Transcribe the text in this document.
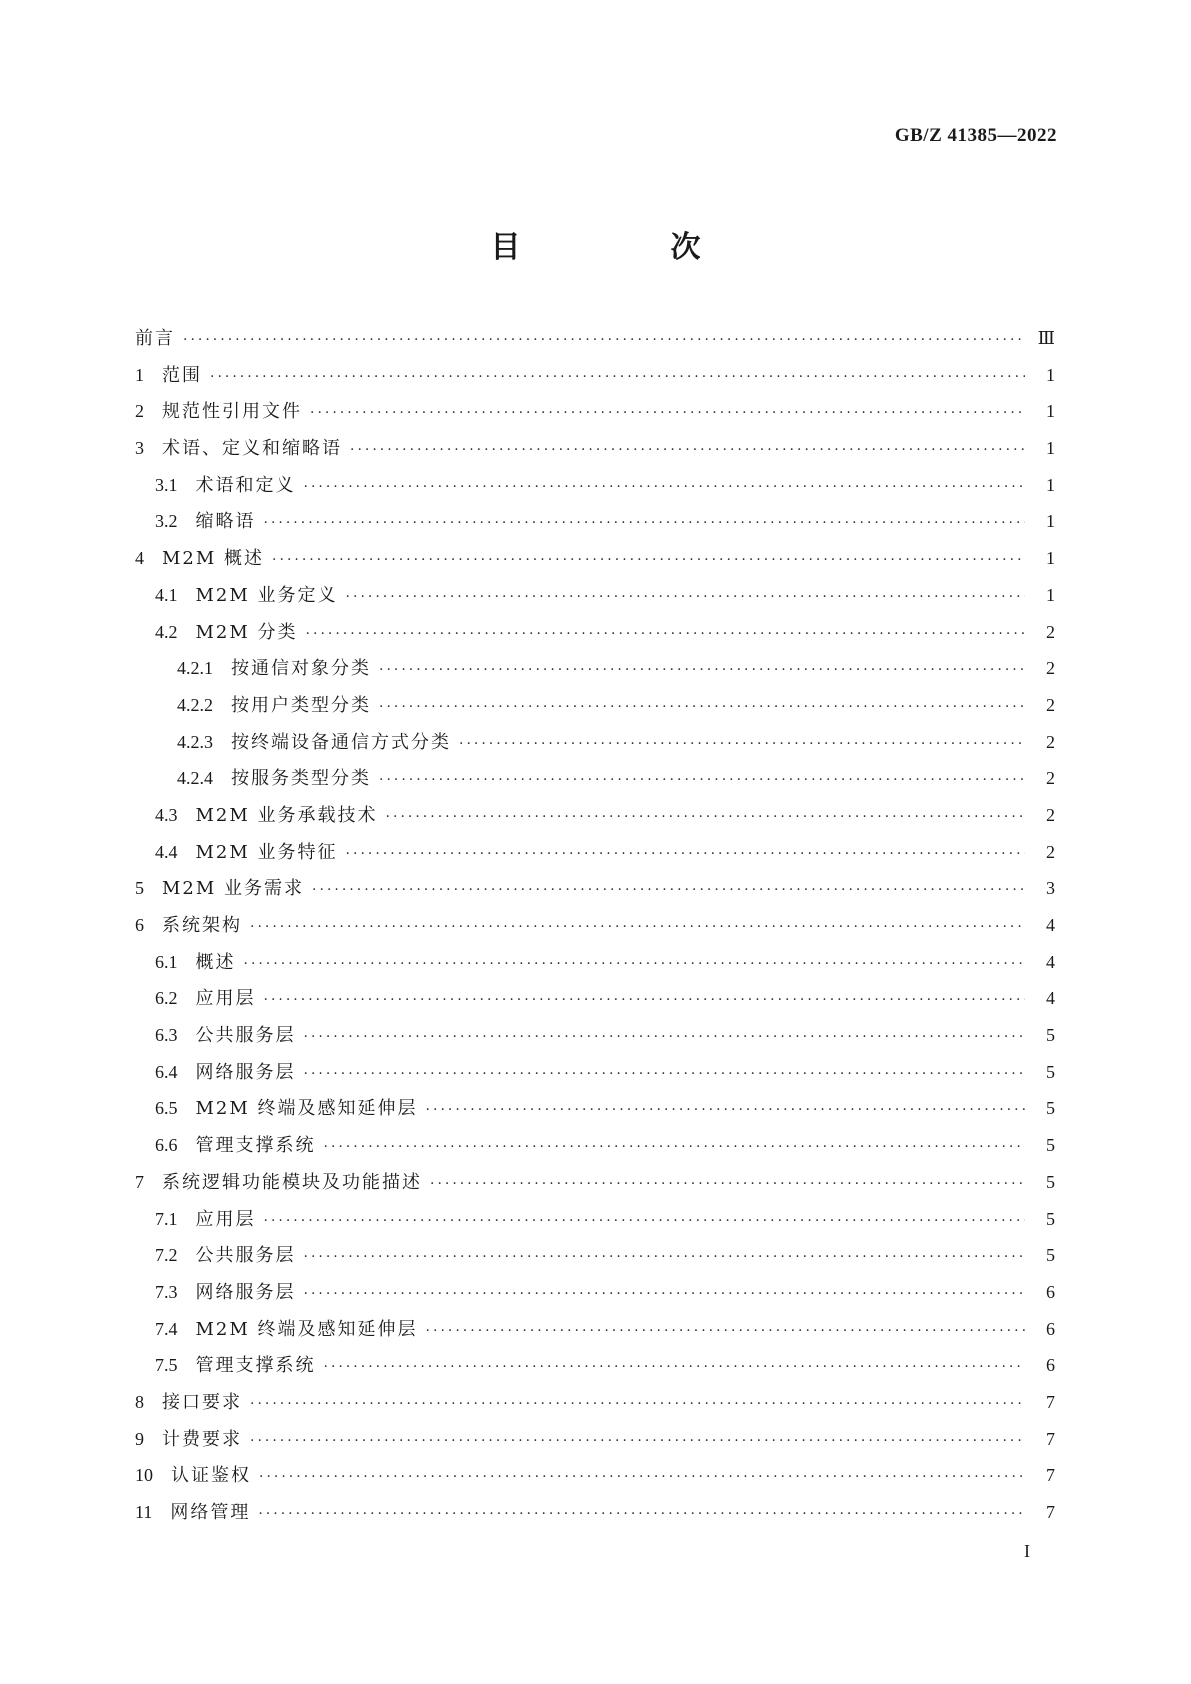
GB/Z 41385—2022
目　次
前言 ·····	Ⅲ
1 范围 ·····	1
2 规范性引用文件 ·····	1
3 术语、定义和缩略语 ·····	1
3.1 术语和定义 ·····	1
3.2 缩略语 ·····	1
4 M2M 概述 ·····	1
4.1 M2M 业务定义 ·····	1
4.2 M2M 分类 ·····	2
4.2.1 按通信对象分类 ·····	2
4.2.2 按用户类型分类 ·····	2
4.2.3 按终端设备通信方式分类 ·····	2
4.2.4 按服务类型分类 ·····	2
4.3 M2M 业务承载技术 ·····	2
4.4 M2M 业务特征 ·····	2
5 M2M 业务需求 ·····	3
6 系统架构 ·····	4
6.1 概述 ·····	4
6.2 应用层 ·····	4
6.3 公共服务层 ·····	5
6.4 网络服务层 ·····	5
6.5 M2M 终端及感知延伸层 ·····	5
6.6 管理支撑系统 ·····	5
7 系统逻辑功能模块及功能描述 ·····	5
7.1 应用层 ·····	5
7.2 公共服务层 ·····	5
7.3 网络服务层 ·····	6
7.4 M2M 终端及感知延伸层 ·····	6
7.5 管理支撑系统 ·····	6
8 接口要求 ·····	7
9 计费要求 ·····	7
10 认证鉴权 ·····	7
11 网络管理 ·····	7
I
